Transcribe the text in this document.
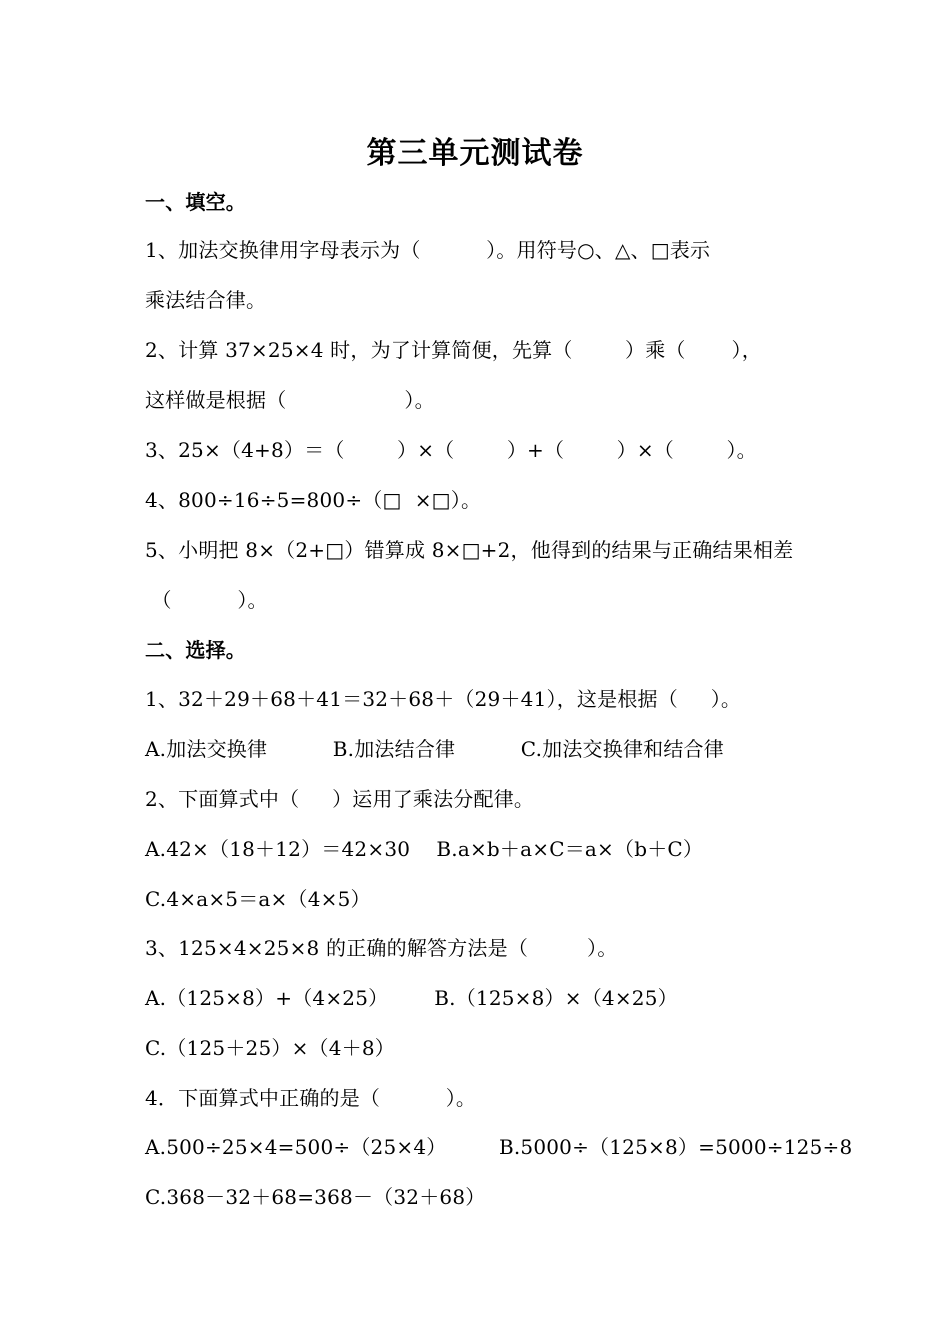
第三单元测试卷
一、填空。
1、加法交换律用字母表示为（          ）。用符号○、△、□表示
乘法结合律。
2、计算 37×25×4 时，为了计算简便，先算（        ）乘（       ），
这样做是根据（                  ）。
3、25×（4+8）＝（        ）×（        ）+（        ）×（        ）。
4、800÷16÷5=800÷（□  ×□）。
5、小明把 8×（2+□）错算成 8×□+2，他得到的结果与正确结果相差
（          ）。
二、选择。
1、32＋29＋68＋41＝32＋68＋（29＋41），这是根据（     ）。
A.加法交换律          B.加法结合律          C.加法交换律和结合律
2、下面算式中（     ）运用了乘法分配律。
A.42×（18＋12）＝42×30    B.a×b＋a×C＝a×（b＋C）
C.4×a×5＝a×（4×5）
3、125×4×25×8 的正确的解答方法是（         ）。
A.（125×8）+（4×25）       B.（125×8）×（4×25）
C.（125＋25）×（4＋8）
4．下面算式中正确的是（          ）。
A.500÷25×4=500÷（25×4）        B.5000÷（125×8）=5000÷125÷8
C.368－32＋68=368－（32＋68）
